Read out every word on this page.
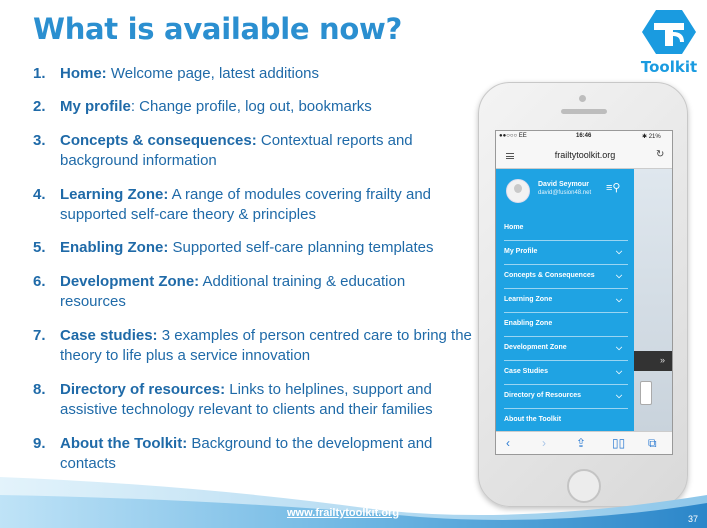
What is available now?
Toolkit
1. Home: Welcome page, latest additions
2. My profile: Change profile, log out, bookmarks
3. Concepts & consequences: Contextual reports and background information
4. Learning Zone: A range of modules covering frailty and supported self-care theory & principles
5. Enabling Zone: Supported self-care planning templates
6. Development Zone: Additional training & education resources
7. Case studies: 3 examples of person centred care to bring the theory to life plus a service innovation
8. Directory of resources: Links to helplines, support and assistive technology relevant to clients and their families
9. About the Toolkit: Background to the development and contacts
●●○○○ EE	16:46	✱ 21%
frailtytoolkit.org	↻
»
David Seymour
david@fusion48.net ≡⚲
Home
My Profile	⌵
Concepts & Consequences	⌵
Learning Zone	⌵
Enabling Zone
Development Zone	⌵
Case Studies	⌵
Directory of Resources	⌵
About the Toolkit
‹	›	⇪ ▯▯ ⧉
www.frailtytoolkit.org	37
